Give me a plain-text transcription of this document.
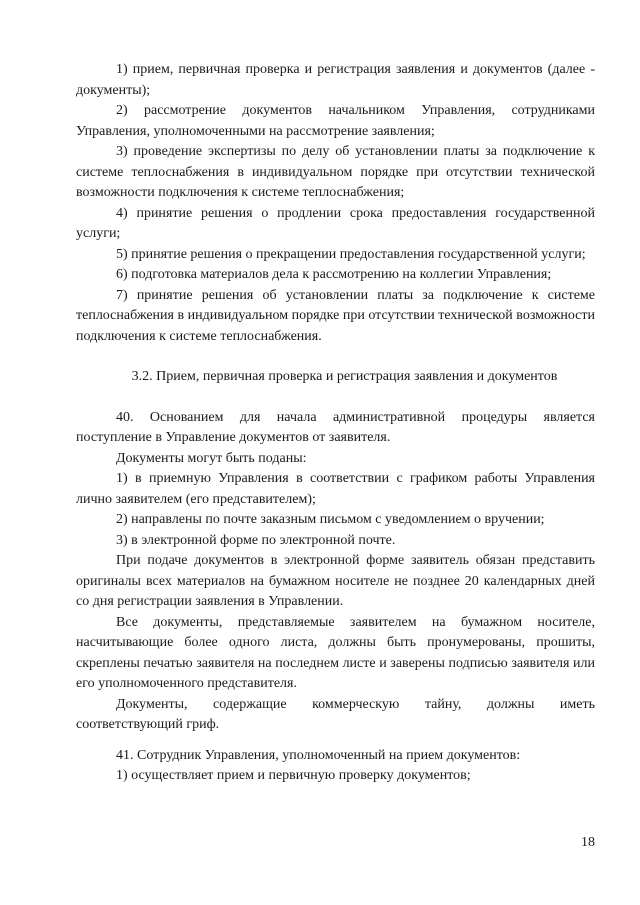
1) прием, первичная проверка и регистрация заявления и документов (далее - документы);

2) рассмотрение документов начальником Управления, сотрудниками Управления, уполномоченными на рассмотрение заявления;

3) проведение экспертизы по делу об установлении платы за подключение к системе теплоснабжения в индивидуальном порядке при отсутствии технической возможности подключения к системе теплоснабжения;

4) принятие решения о продлении срока предоставления государственной услуги;

5) принятие решения о прекращении предоставления государственной услуги;

6) подготовка материалов дела к рассмотрению на коллегии Управления;

7) принятие решения об установлении платы за подключение к системе теплоснабжения в индивидуальном порядке при отсутствии технической возможности подключения к системе теплоснабжения.

3.2. Прием, первичная проверка и регистрация заявления и документов

40. Основанием для начала административной процедуры является поступление в Управление документов от заявителя.

Документы могут быть поданы:

1) в приемную Управления в соответствии с графиком работы Управления лично заявителем (его представителем);

2) направлены по почте заказным письмом с уведомлением о вручении;

3) в электронной форме по электронной почте.

При подаче документов в электронной форме заявитель обязан представить оригиналы всех материалов на бумажном носителе не позднее 20 календарных дней со дня регистрации заявления в Управлении.

Все документы, представляемые заявителем на бумажном носителе, насчитывающие более одного листа, должны быть пронумерованы, прошиты, скреплены печатью заявителя на последнем листе и заверены подписью заявителя или его уполномоченного представителя.

Документы, содержащие коммерческую тайну, должны иметь соответствующий гриф.

41. Сотрудник Управления, уполномоченный на прием документов:

1) осуществляет прием и первичную проверку документов;

18
